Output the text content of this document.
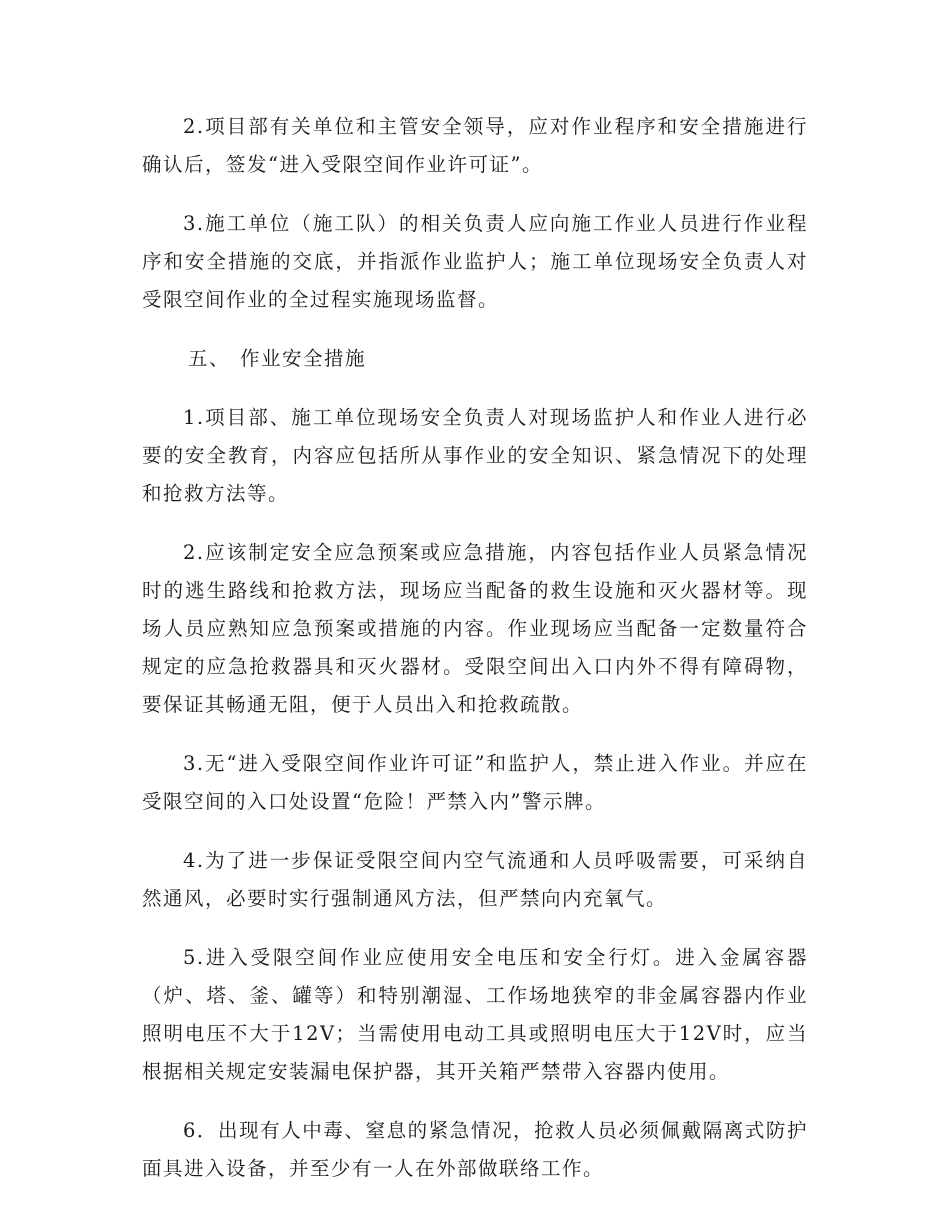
2.项目部有关单位和主管安全领导，应对作业程序和安全措施进行确认后，签发“进入受限空间作业许可证”。

3.施工单位（施工队）的相关负责人应向施工作业人员进行作业程序和安全措施的交底，并指派作业监护人；施工单位现场安全负责人对受限空间作业的全过程实施现场监督。

五、 作业安全措施

1.项目部、施工单位现场安全负责人对现场监护人和作业人进行必要的安全教育，内容应包括所从事作业的安全知识、紧急情况下的处理和抢救方法等。

2.应该制定安全应急预案或应急措施，内容包括作业人员紧急情况时的逃生路线和抢救方法，现场应当配备的救生设施和灭火器材等。现场人员应熟知应急预案或措施的内容。作业现场应当配备一定数量符合规定的应急抢救器具和灭火器材。受限空间出入口内外不得有障碍物，要保证其畅通无阻，便于人员出入和抢救疏散。

3.无“进入受限空间作业许可证”和监护人，禁止进入作业。并应在受限空间的入口处设置“危险！严禁入内”警示牌。

4.为了进一步保证受限空间内空气流通和人员呼吸需要，可采纳自然通风，必要时实行强制通风方法，但严禁向内充氧气。

5.进入受限空间作业应使用安全电压和安全行灯。进入金属容器（炉、塔、釜、罐等）和特别潮湿、工作场地狭窄的非金属容器内作业照明电压不大于12V；当需使用电动工具或照明电压大于12V时，应当根据相关规定安装漏电保护器，其开关箱严禁带入容器内使用。

6．出现有人中毒、窒息的紧急情况，抢救人员必须佩戴隔离式防护面具进入设备，并至少有一人在外部做联络工作。
